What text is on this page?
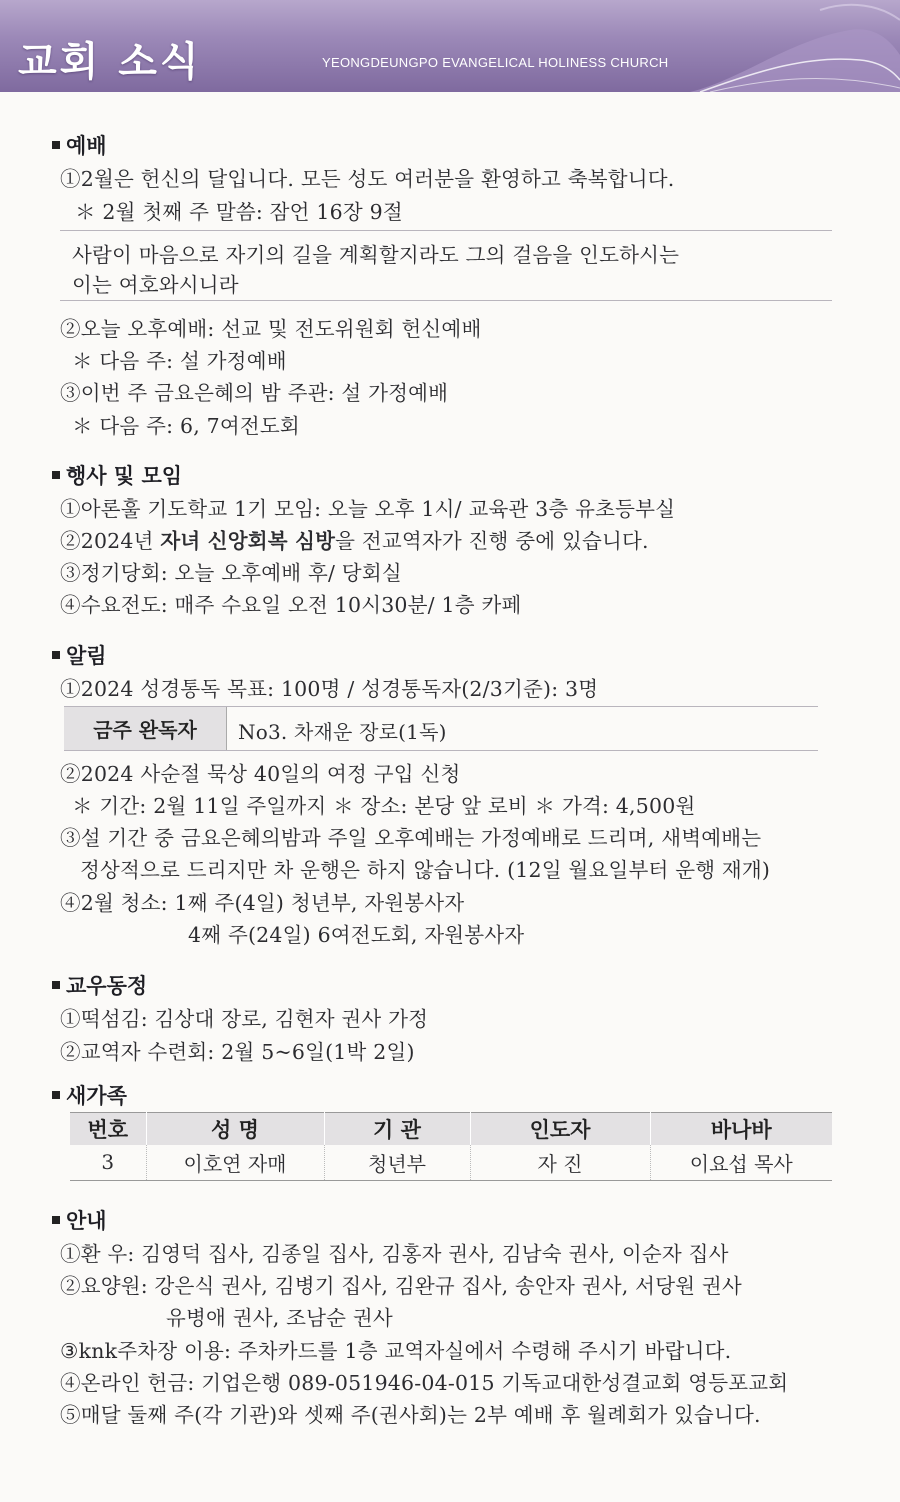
교회 소식	YEONGDEUNGPO EVANGELICAL HOLINESS CHURCH
예배
①2월은 헌신의 달입니다. 모든 성도 여러분을 환영하고 축복합니다.
＊ 2월 첫째 주 말씀: 잠언 16장 9절
사람이 마음으로 자기의 길을 계획할지라도 그의 걸음을 인도하시는
이는 여호와시니라
②오늘 오후예배: 선교 및 전도위원회 헌신예배
＊ 다음 주: 설 가정예배
③이번 주 금요은혜의 밤 주관: 설 가정예배
＊ 다음 주: 6, 7여전도회
행사 및 모임
①아론훌 기도학교 1기 모임: 오늘 오후 1시/ 교육관 3층 유초등부실
②2024년 자녀 신앙회복 심방을 전교역자가 진행 중에 있습니다.
③정기당회: 오늘 오후예배 후/ 당회실
④수요전도: 매주 수요일 오전 10시30분/ 1층 카페
알림
①2024 성경통독 목표: 100명 / 성경통독자(2/3기준): 3명
금주 완독자	No3. 차재운 장로(1독)
②2024 사순절 묵상 40일의 여정 구입 신청
＊ 기간: 2월 11일 주일까지 ＊ 장소: 본당 앞 로비 ＊ 가격: 4,500원
③설 기간 중 금요은혜의밤과 주일 오후예배는 가정예배로 드리며, 새벽예배는
정상적으로 드리지만 차 운행은 하지 않습니다. (12일 월요일부터 운행 재개)
④2월 청소: 1째 주(4일) 청년부, 자원봉사자
4째 주(24일) 6여전도회, 자원봉사자
교우동정
①떡섬김: 김상대 장로, 김현자 권사 가정
②교역자 수련회: 2월 5~6일(1박 2일)
새가족
번호	성 명	기 관	인도자	바나바
3	이호연 자매	청년부	자 진	이요섭 목사
안내
①환 우: 김영덕 집사, 김종일 집사, 김홍자 권사, 김남숙 권사, 이순자 집사
②요양원: 강은식 권사, 김병기 집사, 김완규 집사, 송안자 권사, 서당원 권사
유병애 권사, 조남순 권사
③knk주차장 이용: 주차카드를 1층 교역자실에서 수령해 주시기 바랍니다.
④온라인 헌금: 기업은행 089-051946-04-015 기독교대한성결교회 영등포교회
⑤매달 둘째 주(각 기관)와 셋째 주(권사회)는 2부 예배 후 월례회가 있습니다.
